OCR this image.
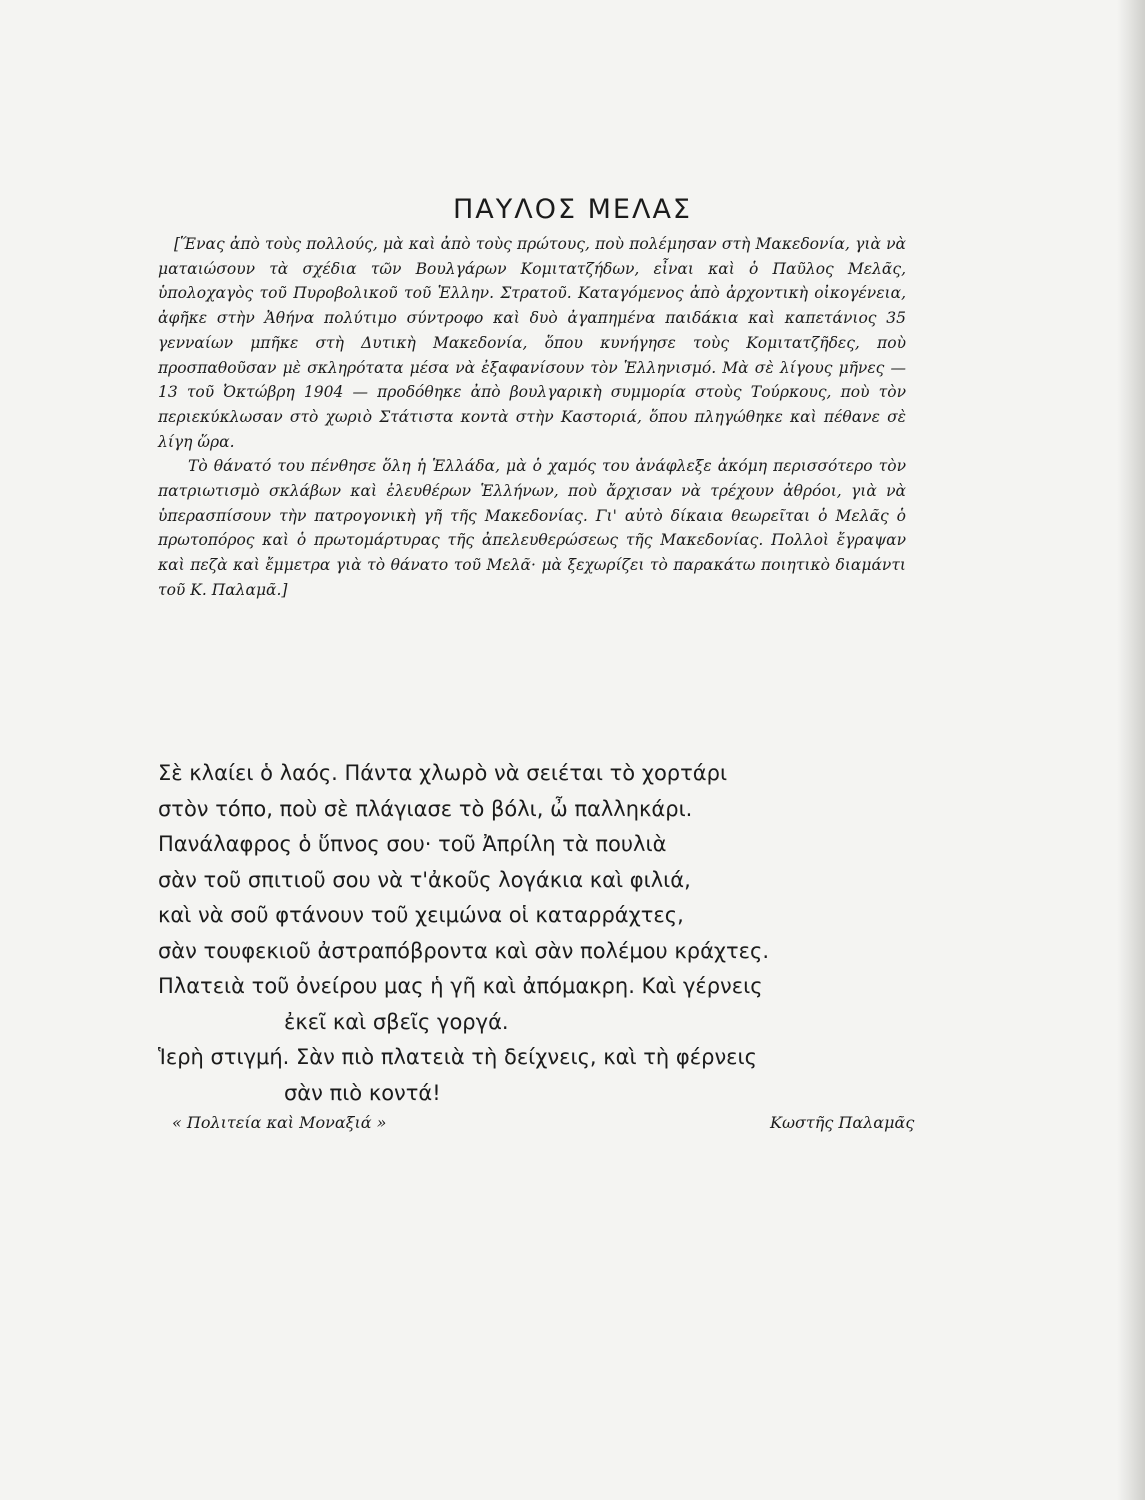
ΠΑΥΛΟΣ ΜΕΛΑΣ

[Ἕνας ἀπὸ τοὺς πολλούς, μὰ καὶ ἀπὸ τοὺς πρώτους, ποὺ πολέμησαν στὴ Μακεδονία, γιὰ νὰ ματαιώσουν τὰ σχέδια τῶν Βουλγάρων Κομιτατζήδων, εἶναι καὶ ὁ Παῦλος Μελᾶς, ὑπολοχαγὸς τοῦ Πυροβολικοῦ τοῦ Ἑλλην. Στρατοῦ. Καταγόμενος ἀπὸ ἀρχοντικὴ οἰκογένεια, ἀφῆκε στὴν Ἀθήνα πολύτιμο σύντροφο καὶ δυὸ ἀγαπημένα παιδάκια καὶ καπετάνιος 35 γενναίων μπῆκε στὴ Δυτικὴ Μακεδονία, ὅπου κυνήγησε τοὺς Κομιτατζῆδες, ποὺ προσπαθοῦσαν μὲ σκληρότατα μέσα νὰ ἐξαφανίσουν τὸν Ἑλληνισμό. Μὰ σὲ λίγους μῆνες — 13 τοῦ Ὀκτώβρη 1904 — προδόθηκε ἀπὸ βουλγαρικὴ συμμορία στοὺς Τούρκους, ποὺ τὸν περιεκύκλωσαν στὸ χωριὸ Στάτιστα κοντὰ στὴν Καστοριά, ὅπου πληγώθηκε καὶ πέθανε σὲ λίγη ὥρα.

Τὸ θάνατό του πένθησε ὅλη ἡ Ἑλλάδα, μὰ ὁ χαμός του ἀνάφλεξε ἀκόμη περισσότερο τὸν πατριωτισμὸ σκλάβων καὶ ἐλευθέρων Ἑλλήνων, ποὺ ἄρχισαν νὰ τρέχουν ἀθρόοι, γιὰ νὰ ὑπερασπίσουν τὴν πατρογονικὴ γῆ τῆς Μακεδονίας. Γι' αὐτὸ δίκαια θεωρεῖται ὁ Μελᾶς ὁ πρωτοπόρος καὶ ὁ πρωτομάρτυρας τῆς ἀπελευθερώσεως τῆς Μακεδονίας. Πολλοὶ ἔγραψαν καὶ πεζὰ καὶ ἔμμετρα γιὰ τὸ θάνατο τοῦ Μελᾶ· μὰ ξεχωρίζει τὸ παρακάτω ποιητικὸ διαμάντι τοῦ Κ. Παλαμᾶ.]

Σὲ κλαίει ὁ λαός. Πάντα χλωρὸ νὰ σειέται τὸ χορτάρι
στὸν τόπο, ποὺ σὲ πλάγιασε τὸ βόλι, ὦ παλληκάρι.
Πανάλαφρος ὁ ὕπνος σου· τοῦ Ἀπρίλη τὰ πουλιὰ
σὰν τοῦ σπιτιοῦ σου νὰ τ'ἀκοῦς λογάκια καὶ φιλιά,
καὶ νὰ σοῦ φτάνουν τοῦ χειμώνα οἱ καταρράχτες,
σὰν τουφεκιοῦ ἀστραπόβροντα καὶ σὰν πολέμου κράχτες.
Πλατειὰ τοῦ ὀνείρου μας ἡ γῆ καὶ ἀπόμακρη. Καὶ γέρνεις
ἐκεῖ καὶ σβεῖς γοργά.
Ἱερὴ στιγμή. Σὰν πιὸ πλατειὰ τὴ δείχνεις, καὶ τὴ φέρνεις
σὰν πιὸ κοντά!
« Πολιτεία καὶ Μοναξιά »	Κωστῆς Παλαμᾶς
